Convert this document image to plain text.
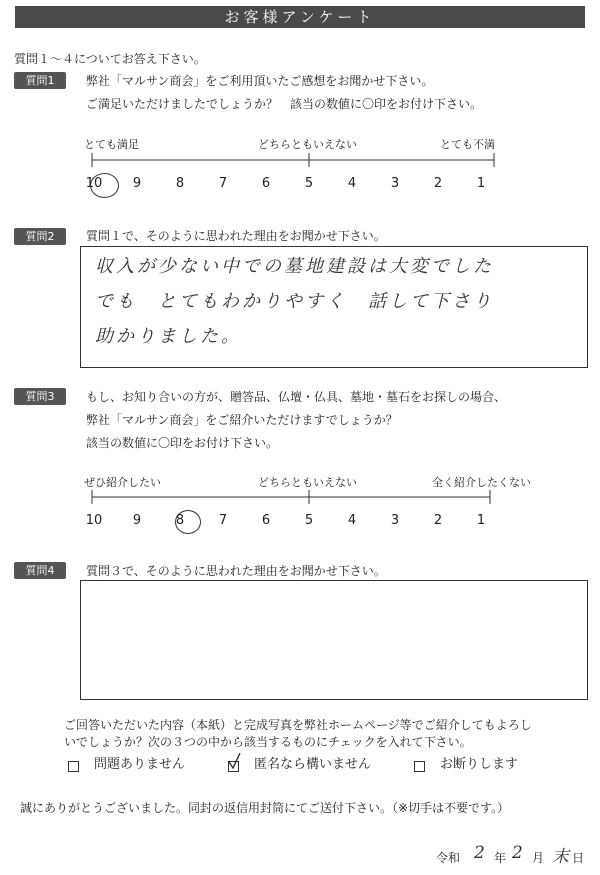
お客様アンケート
質問１～４についてお答え下さい。
質問1	弊社「マルサン商会」をご利用頂いたご感想をお聞かせ下さい。
ご満足いただけましたでしょうか？　該当の数値に〇印をお付け下さい。
とても満足	どちらともいえない	とても不満
10	9	8	7	6	5	4	3	2	1
質問2	質問１で、そのように思われた理由をお聞かせ下さい。
収入が少ない中での墓地建設は大変でした
でも　とてもわかりやすく　話して下さり
助かりました。
質問3	もし、お知り合いの方が、贈答品、仏壇・仏具、墓地・墓石をお探しの場合、
弊社「マルサン商会」をご紹介いただけますでしょうか？
該当の数値に〇印をお付け下さい。
ぜひ紹介したい	どちらともいえない	全く紹介したくない
10	9	8	7	6	5	4	3	2	1
質問4	質問３で、そのように思われた理由をお聞かせ下さい。
ご回答いただいた内容（本紙）と完成写真を弊社ホームページ等でご紹介してもよろし
いでしょうか？次の３つの中から該当するものにチェックを入れて下さい。
問題ありません	匿名なら構いません	お断りします
誠にありがとうございました。同封の返信用封筒にてご送付下さい。（※切手は不要です。）
令和 2 年 2 月 末 日
